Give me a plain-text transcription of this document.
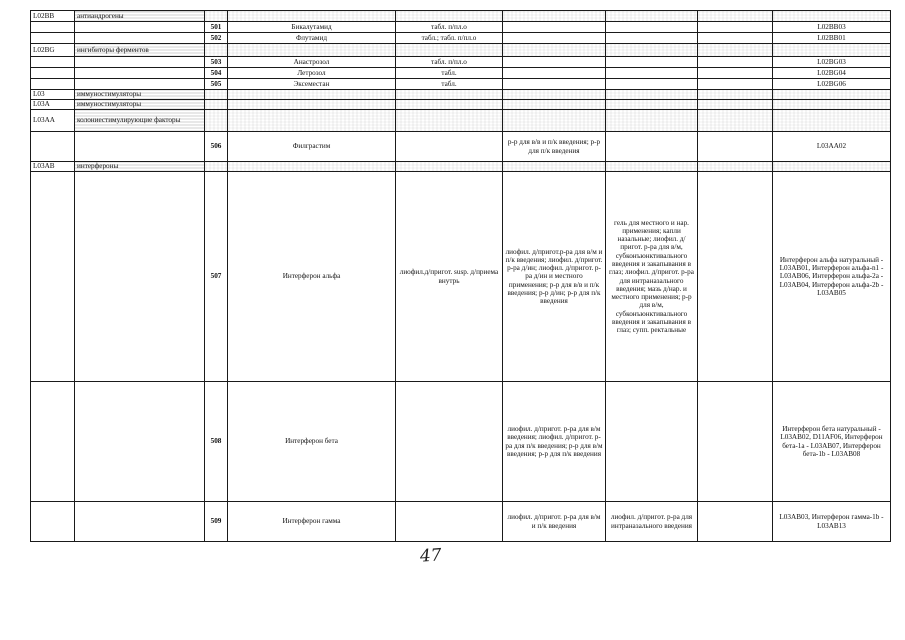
L02BB	антиандрогены							
		501	Бикалутамид	табл. п/пл.о				L02BB03
		502	Флутамид	табл.; табл. п/пл.о				L02BB01
L02BG	ингибиторы ферментов							
		503	Анастрозол	табл. п/пл.о				L02BG03
		504	Летрозол	табл.				L02BG04
		505	Эксеместан	табл.				L02BG06
L03	иммуностимуляторы							
L03A	иммуностимуляторы							
L03AA	колониестимулирующие факторы							
		506	Филграстим		р-р для в/в и п/к введения; р-р для п/к введения			L03AA02
L03AB	интерфероны							
		507	Интерферон альфа	лиофил.д/пригот. susp. д/приема внутрь	лиофил. д/пригот.р-ра для в/м и п/к введения; лиофил. д/пригот. р-ра д/ин; лиофил. д/пригот. р-ра д/ин и местного применения; р-р для в/в и п/к введения; р-р д/ин; р-р для п/к введения	гель для местного и нар. применения; капли назальные; лиофил. д/пригот. р-ра для в/м, субконъюнктивального введения и закапывания в глаз; лиофил. д/пригот. р-ра для интраназального введения; мазь д/нар. и местного применения; р-р для в/м, субконъюнктивального введения и закапывания в глаз; супп. ректальные		Интерферон альфа натуральный - L03AB01, Интерферон альфа-n1 - L03AB06, Интерферон альфа-2а - L03AB04, Интерферон альфа-2b - L03AB05
		508	Интерферон бета		лиофил. д/пригот. р-ра для в/м введения; лиофил. д/пригот. р-ра для п/к введения; р-р для в/м введения; р-р для п/к введения			Интерферон бета натуральный - L03AB02, D11AF06, Интерферон бета-1а - L03AB07, Интерферон бета-1b - L03AB08
		509	Интерферон гамма		лиофил. д/пригот. р-ра для в/м и п/к введения	лиофил. д/пригот. р-ра для интраназального введения		L03AB03, Интерферон гамма-1b - L03AB13
47
